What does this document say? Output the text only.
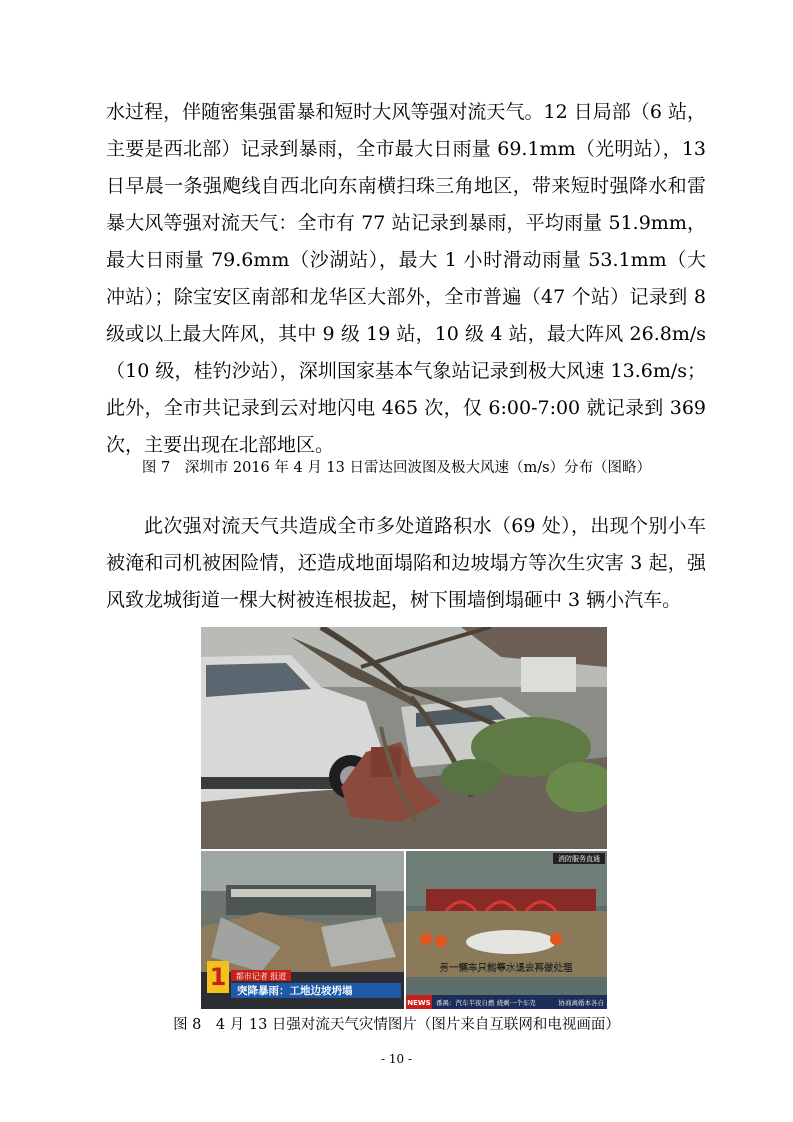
水过程，伴随密集强雷暴和短时大风等强对流天气。12 日局部（6 站，主要是西北部）记录到暴雨，全市最大日雨量 69.1mm（光明站），13 日早晨一条强飑线自西北向东南横扫珠三角地区，带来短时强降水和雷暴大风等强对流天气：全市有 77 站记录到暴雨，平均雨量 51.9mm，最大日雨量 79.6mm（沙湖站），最大 1 小时滑动雨量 53.1mm（大冲站）；除宝安区南部和龙华区大部外，全市普遍（47 个站）记录到 8 级或以上最大阵风，其中 9 级 19 站，10 级 4 站，最大阵风 26.8m/s（10 级，桂钓沙站），深圳国家基本气象站记录到极大风速 13.6m/s；此外，全市共记录到云对地闪电 465 次，仅 6:00-7:00 就记录到 369 次，主要出现在北部地区。

图 7　深圳市 2016 年 4 月 13 日雷达回波图及极大风速（m/s）分布（图略）

此次强对流天气共造成全市多处道路积水（69 处），出现个别小车被淹和司机被困险情，还造成地面塌陷和边坡塌方等次生灾害 3 起，强风致龙城街道一棵大树被连根拔起，树下围墙倒塌砸中 3 辆小汽车。

1 都市记者 报道
突降暴雨：工地边坡坍塌
消防服务直通
另一辆车只能等水退去再做处理
NEWS 番禺：汽车半夜自燃 烧剩一个车壳	协商离婚本各自

图 8　4 月 13 日强对流天气灾情图片（图片来自互联网和电视画面）

- 10 -
